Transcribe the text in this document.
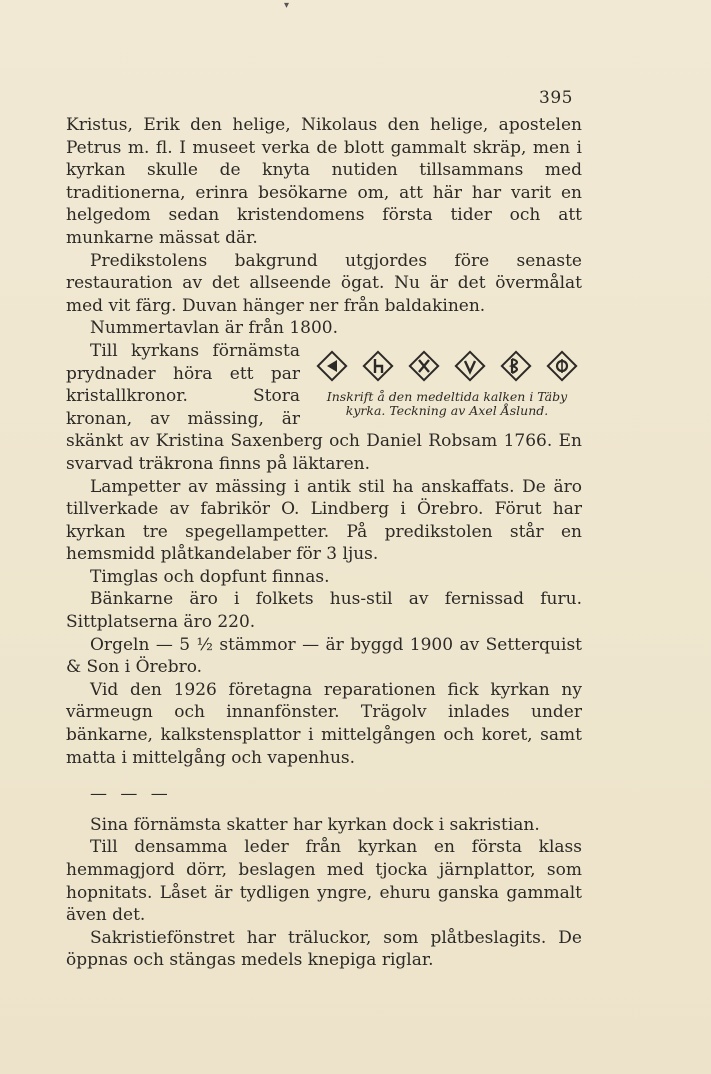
▾
395

Kristus, Erik den helige, Nikolaus den helige, apostelen Petrus m. fl. I museet verka de blott gammalt skräp, men i kyrkan skulle de knyta nutiden tillsammans med traditionerna, erinra besökarne om, att här har varit en helgedom sedan kristendomens första tider och att munkarne mässat där.

Predikstolens bakgrund utgjordes före senaste restauration av det allseende ögat. Nu är det övermålat med vit färg. Duvan hänger ner från baldakinen.

Nummertavlan är från 1800.

Inskrift å den medeltida kalken i Täby kyrka. Teckning av Axel Åslund.

Till kyrkans förnämsta prydnader höra ett par kristallkronor. Stora kronan, av mässing, är skänkt av Kristina Saxenberg och Daniel Robsam 1766. En svarvad träkrona finns på läktaren.

Lampetter av mässing i antik stil ha anskaffats. De äro tillverkade av fabrikör O. Lindberg i Örebro. Förut har kyrkan tre spegellampetter. På predikstolen står en hemsmidd plåtkandelaber för 3 ljus.

Timglas och dopfunt finnas.

Bänkarne äro i folkets hus-stil av fernissad furu. Sittplatserna äro 220.

Orgeln — 5 ½ stämmor — är byggd 1900 av Setterquist & Son i Örebro.

Vid den 1926 företagna reparationen fick kyrkan ny värmeugn och innanfönster. Trägolv inlades under bänkarne, kalkstensplattor i mittelgången och koret, samt matta i mittelgång och vapenhus.

— — —

Sina förnämsta skatter har kyrkan dock i sakristian.

Till densamma leder från kyrkan en första klass hemmagjord dörr, beslagen med tjocka järnplattor, som hopnitats. Låset är tydligen yngre, ehuru ganska gammalt även det.

Sakristiefönstret har träluckor, som plåtbeslagits. De öppnas och stängas medels knepiga riglar.
